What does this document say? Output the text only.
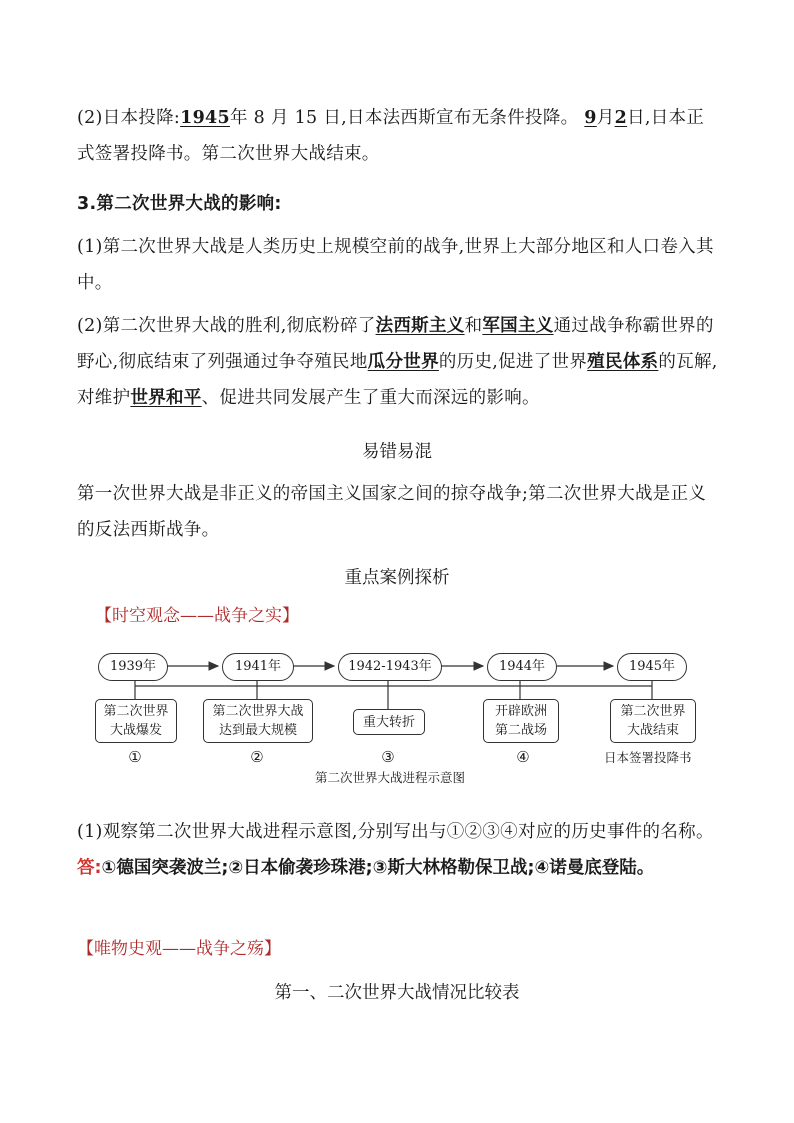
(2)日本投降:1945年 8 月 15 日,日本法西斯宣布无条件投降。 9月2日,日本正式签署投降书。第二次世界大战结束。
3.第二次世界大战的影响:
(1)第二次世界大战是人类历史上规模空前的战争,世界上大部分地区和人口卷入其中。
(2)第二次世界大战的胜利,彻底粉碎了法西斯主义和军国主义通过战争称霸世界的野心,彻底结束了列强通过争夺殖民地瓜分世界的历史,促进了世界殖民体系的瓦解,对维护世界和平、促进共同发展产生了重大而深远的影响。
易错易混
第一次世界大战是非正义的帝国主义国家之间的掠夺战争;第二次世界大战是正义的反法西斯战争。
重点案例探析
【时空观念——战争之实】
1939年	1941年	1942-1943年	1944年	1945年
第二次世界
大战爆发
第二次世界大战
达到最大规模
重大转折
开辟欧洲
第二战场
第二次世界
大战结束
①	②	③	④	日本签署投降书
第二次世界大战进程示意图
(1)观察第二次世界大战进程示意图,分别写出与①②③④对应的历史事件的名称。
答:①德国突袭波兰;②日本偷袭珍珠港;③斯大林格勒保卫战;④诺曼底登陆。
【唯物史观——战争之殇】
第一、二次世界大战情况比较表
